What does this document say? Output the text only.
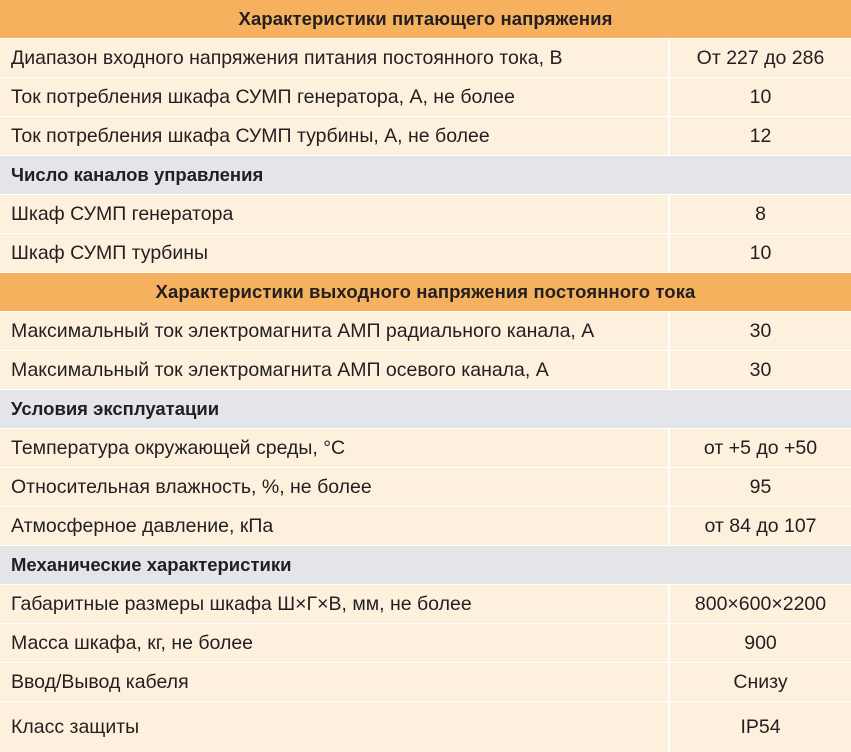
Характеристики питающего напряжения
Диапазон входного напряжения питания постоянного тока, В	От 227 до 286
Ток потребления шкафа СУМП генератора, А, не более	10
Ток потребления шкафа СУМП турбины, А, не более	12
Число каналов управления
Шкаф СУМП генератора	8
Шкаф СУМП турбины	10
Характеристики выходного напряжения постоянного тока
Максимальный ток электромагнита АМП радиального канала, А	30
Максимальный ток электромагнита АМП осевого канала, А	30
Условия эксплуатации
Температура окружающей среды, °С	от +5 до +50
Относительная влажность, %, не более	95
Атмосферное давление, кПа	от 84 до 107
Механические характеристики
Габаритные размеры шкафа Ш×Г×В, мм, не более	800×600×2200
Масса шкафа, кг, не более	900
Ввод/Вывод кабеля	Снизу
Класс защиты	IP54
